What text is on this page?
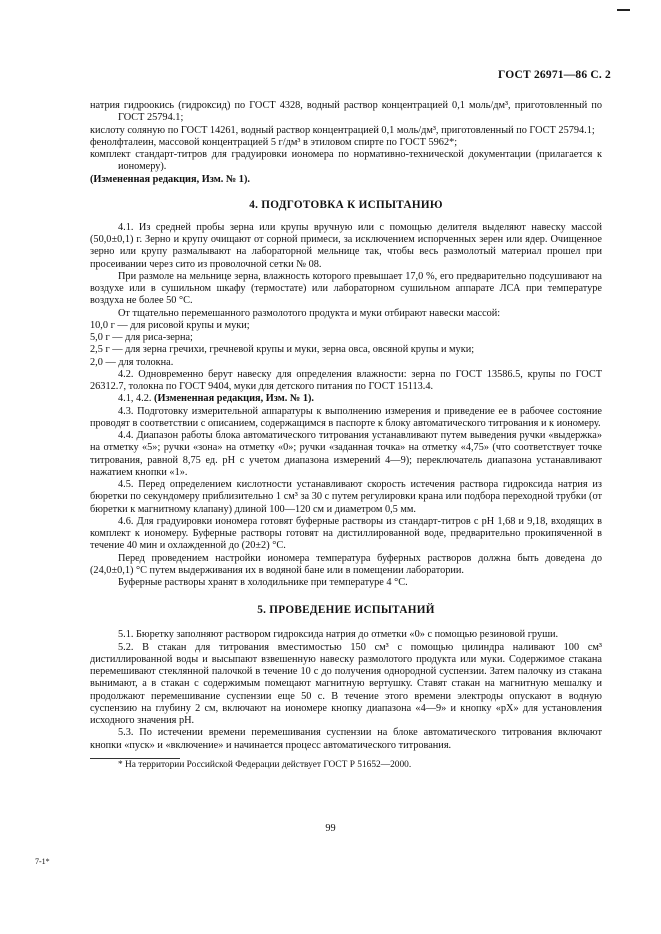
ГОСТ 26971—86 С. 2

натрия гидроокись (гидроксид) по ГОСТ 4328, водный раствор концентрацией 0,1 моль/дм³, приготовленный по ГОСТ 25794.1;

кислоту соляную по ГОСТ 14261, водный раствор концентрацией 0,1 моль/дм³, приготовленный по ГОСТ 25794.1;

фенолфталеин, массовой концентрацией 5 г/дм³ в этиловом спирте по ГОСТ 5962*;

комплект стандарт-титров для градуировки иономера по нормативно-технической документации (прилагается к иономеру).

(Измененная редакция, Изм. № 1).

4. ПОДГОТОВКА К ИСПЫТАНИЮ

4.1. Из средней пробы зерна или крупы вручную или с помощью делителя выделяют навеску массой (50,0±0,1) г. Зерно и крупу очищают от сорной примеси, за исключением испорченных зерен или ядер. Очищенное зерно или крупу размалывают на лабораторной мельнице так, чтобы весь размолотый материал прошел при просеивании через сито из проволочной сетки № 08.

При размоле на мельнице зерна, влажность которого превышает 17,0 %, его предварительно подсушивают на воздухе или в сушильном шкафу (термостате) или лабораторном сушильном аппарате ЛСА при температуре воздуха не более 50 °С.

От тщательно перемешанного размолотого продукта и муки отбирают навески массой:

10,0 г — для рисовой крупы и муки;

5,0 г — для риса-зерна;

2,5 г — для зерна гречихи, гречневой крупы и муки, зерна овса, овсяной крупы и муки;

2,0 — для толокна.

4.2. Одновременно берут навеску для определения влажности: зерна по ГОСТ 13586.5, крупы по ГОСТ 26312.7, толокна по ГОСТ 9404, муки для детского питания по ГОСТ 15113.4.

4.1, 4.2. (Измененная редакция, Изм. № 1).

4.3. Подготовку измерительной аппаратуры к выполнению измерения и приведение ее в рабочее состояние проводят в соответствии с описанием, содержащимся в паспорте к блоку автоматического титрования и к иономеру.

4.4. Диапазон работы блока автоматического титрования устанавливают путем выведения ручки «выдержка» на отметку «5»; ручки «зона» на отметку «0»; ручки «заданная точка» на отметку «4,75» (что соответствует точке титрования, равной 8,75 ед. pH с учетом диапазона измерений 4—9); переключатель диапазона устанавливают нажатием кнопки «1».

4.5. Перед определением кислотности устанавливают скорость истечения раствора гидроксида натрия из бюретки по секундомеру приблизительно 1 см³ за 30 с путем регулировки крана или подбора переходной трубки (от бюретки к магнитному клапану) длиной 100—120 см и диаметром 0,5 мм.

4.6. Для градуировки иономера готовят буферные растворы из стандарт-титров с pH 1,68 и 9,18, входящих в комплект к иономеру. Буферные растворы готовят на дистиллированной воде, предварительно прокипяченной в течение 40 мин и охлажденной до (20±2) °С.

Перед проведением настройки иономера температура буферных растворов должна быть доведена до (24,0±0,1) °С путем выдерживания их в водяной бане или в помещении лаборатории.

Буферные растворы хранят в холодильнике при температуре 4 °С.

5. ПРОВЕДЕНИЕ ИСПЫТАНИЙ

5.1. Бюретку заполняют раствором гидроксида натрия до отметки «0» с помощью резиновой груши.

5.2. В стакан для титрования вместимостью 150 см³ с помощью цилиндра наливают 100 см³ дистиллированной воды и высыпают взвешенную навеску размолотого продукта или муки. Содержимое стакана перемешивают стеклянной палочкой в течение 10 с до получения однородной суспензии. Затем палочку из стакана вынимают, а в стакан с содержимым помещают магнитную вертушку. Ставят стакан на магнитную мешалку и продолжают перемешивание суспензии еще 50 с. В течение этого времени электроды опускают в водную суспензию на глубину 2 см, включают на иономере кнопку диапазона «4—9» и кнопку «pX» для установления исходного значения pH.

5.3. По истечении времени перемешивания суспензии на блоке автоматического титрования включают кнопки «пуск» и «включение» и начинается процесс автоматического титрования.

* На территории Российской Федерации действует ГОСТ Р 51652—2000.

99
7-1*
